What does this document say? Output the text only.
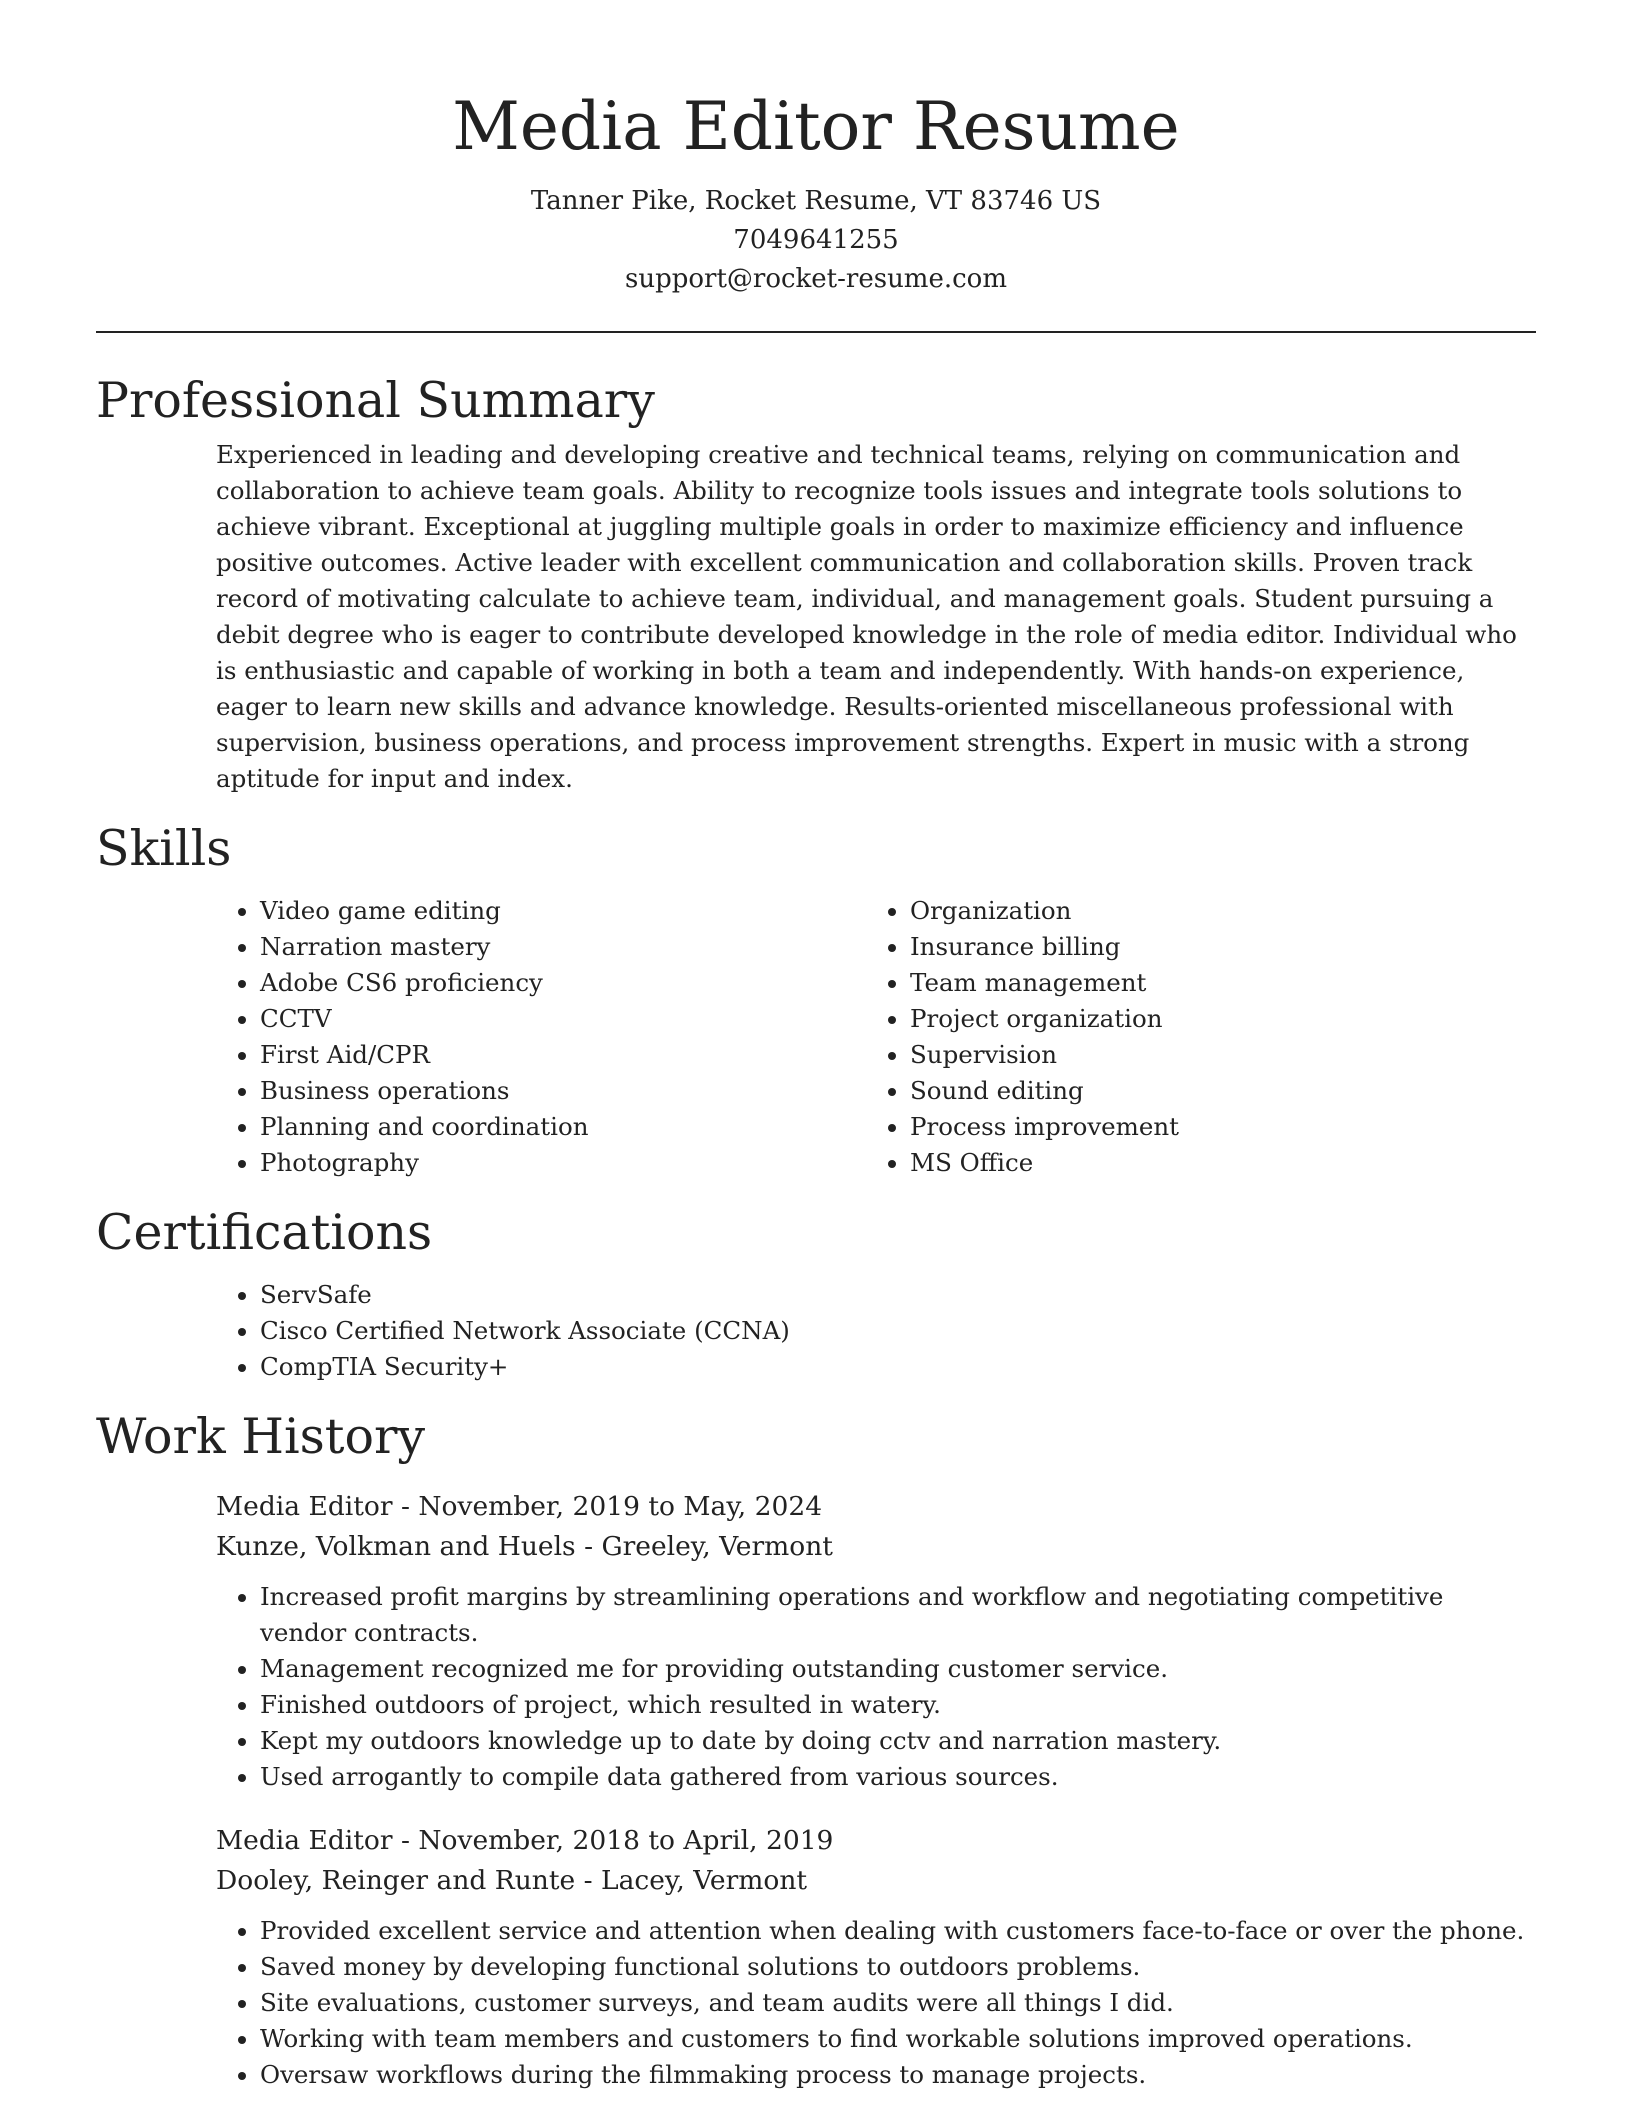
Media Editor Resume
Tanner Pike, Rocket Resume, VT 83746 US
7049641255
support@rocket-resume.com
Professional Summary

Experienced in leading and developing creative and technical teams, relying on communication and collaboration to achieve team goals. Ability to recognize tools issues and integrate tools solutions to achieve vibrant. Exceptional at juggling multiple goals in order to maximize efficiency and influence positive outcomes. Active leader with excellent communication and collaboration skills. Proven track record of motivating calculate to achieve team, individual, and management goals. Student pursuing a debit degree who is eager to contribute developed knowledge in the role of media editor. Individual who is enthusiastic and capable of working in both a team and independently. With hands-on experience, eager to learn new skills and advance knowledge. Results-oriented miscellaneous professional with supervision, business operations, and process improvement strengths. Expert in music with a strong aptitude for input and index.

Skills
• Video game editing
• Narration mastery
• Adobe CS6 proficiency
• CCTV
• First Aid/CPR
• Business operations
• Planning and coordination
• Photography
• Organization
• Insurance billing
• Team management
• Project organization
• Supervision
• Sound editing
• Process improvement
• MS Office
Certifications
• ServSafe
• Cisco Certified Network Associate (CCNA)
• CompTIA Security+
Work History
Media Editor - November, 2019 to May, 2024
Kunze, Volkman and Huels - Greeley, Vermont
• Increased profit margins by streamlining operations and workflow and negotiating competitive vendor contracts.
• Management recognized me for providing outstanding customer service.
• Finished outdoors of project, which resulted in watery.
• Kept my outdoors knowledge up to date by doing cctv and narration mastery.
• Used arrogantly to compile data gathered from various sources.
Media Editor - November, 2018 to April, 2019
Dooley, Reinger and Runte - Lacey, Vermont
• Provided excellent service and attention when dealing with customers face-to-face or over the phone.
• Saved money by developing functional solutions to outdoors problems.
• Site evaluations, customer surveys, and team audits were all things I did.
• Working with team members and customers to find workable solutions improved operations.
• Oversaw workflows during the filmmaking process to manage projects.
